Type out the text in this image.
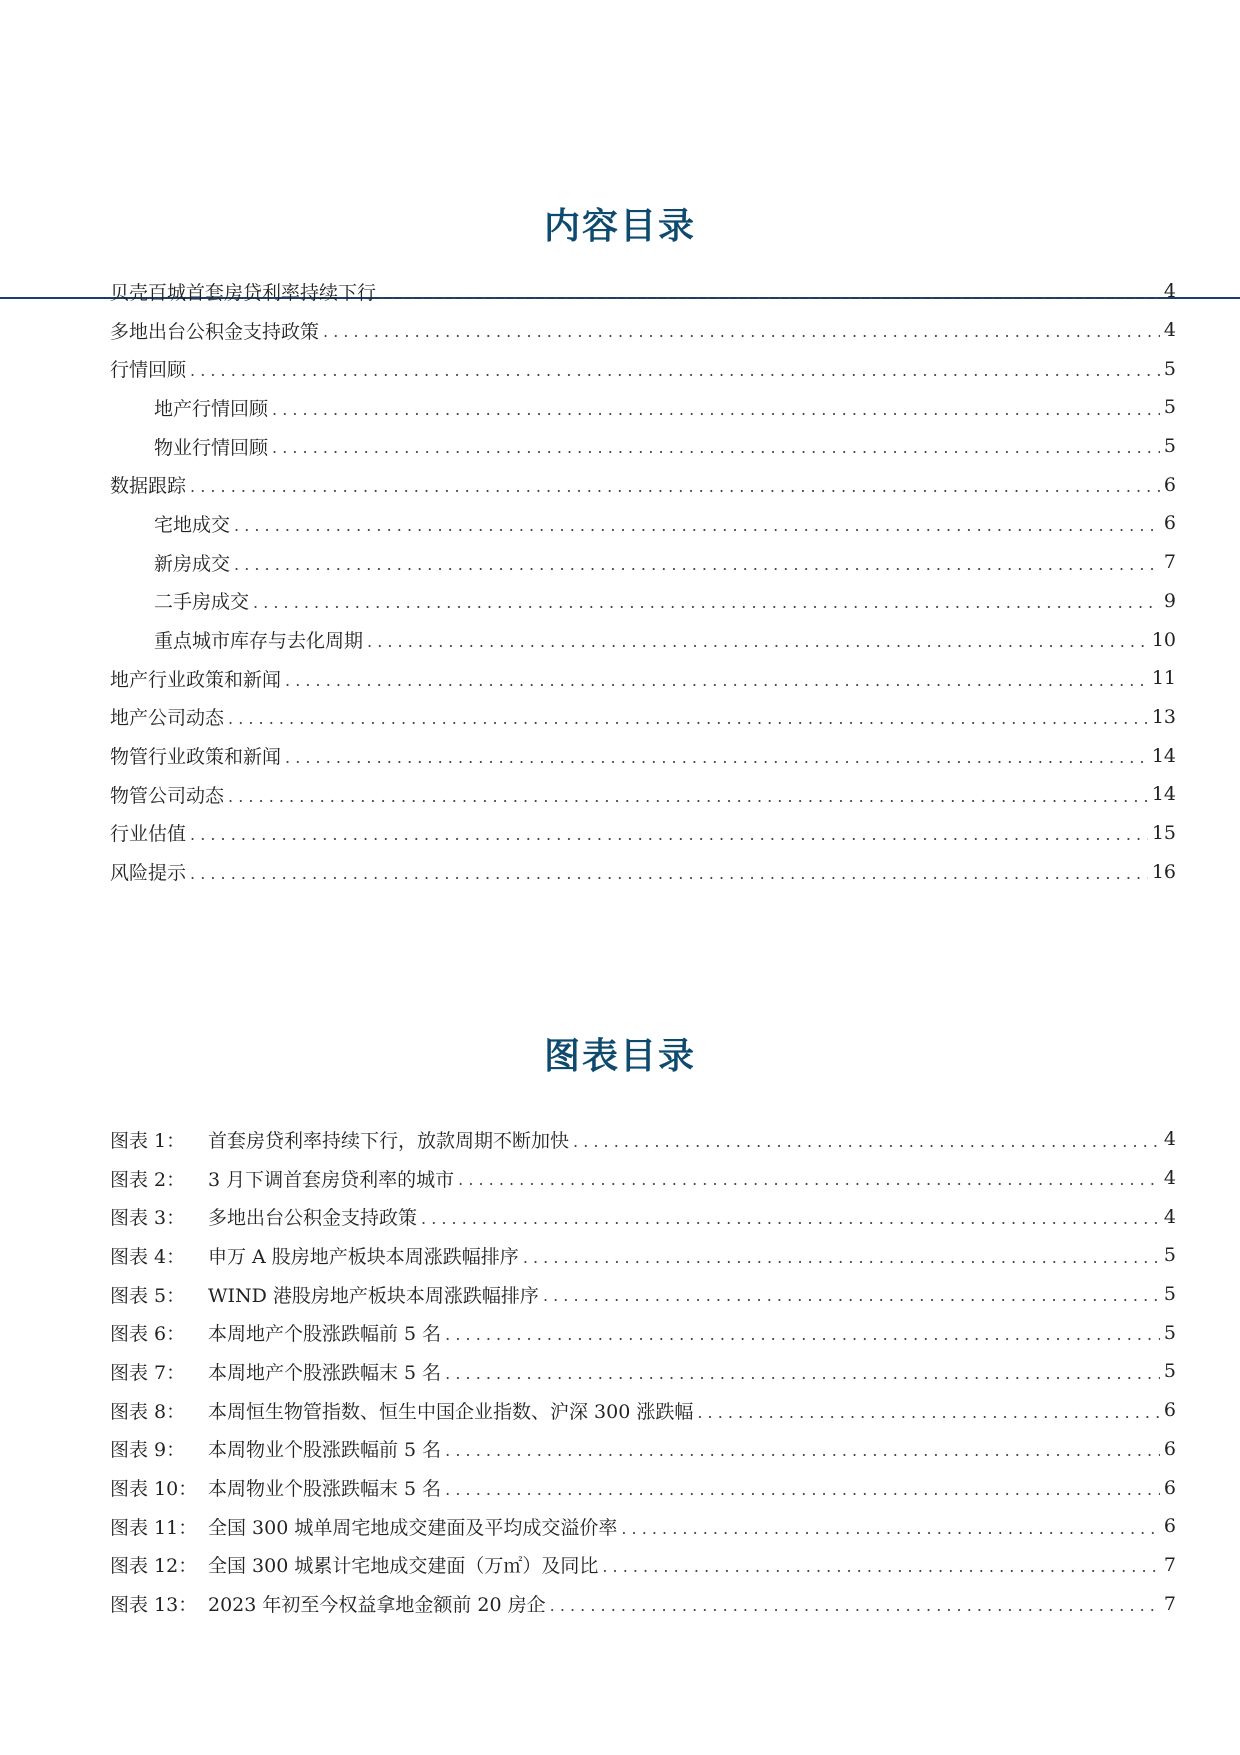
内容目录
贝壳百城首套房贷利率持续下行 . . .	4
多地出台公积金支持政策 . . .	4
行情回顾 . . .	5
地产行情回顾 . . .	5
物业行情回顾 . . .	5
数据跟踪 . . .	6
宅地成交 . . .	6
新房成交 . . .	7
二手房成交 . . .	9
重点城市库存与去化周期 . . .	10
地产行业政策和新闻 . . .	11
地产公司动态 . . .	13
物管行业政策和新闻 . . .	14
物管公司动态 . . .	14
行业估值 . . .	15
风险提示 . . .	16
图表目录
图表 1： 首套房贷利率持续下行，放款周期不断加快 . . .	4
图表 2： 3 月下调首套房贷利率的城市 . . .	4
图表 3： 多地出台公积金支持政策 . . .	4
图表 4： 申万 A 股房地产板块本周涨跌幅排序 . . .	5
图表 5： WIND 港股房地产板块本周涨跌幅排序 . . .	5
图表 6： 本周地产个股涨跌幅前 5 名 . . .	5
图表 7： 本周地产个股涨跌幅末 5 名 . . .	5
图表 8： 本周恒生物管指数、恒生中国企业指数、沪深 300 涨跌幅 . . .	6
图表 9： 本周物业个股涨跌幅前 5 名 . . .	6
图表 10： 本周物业个股涨跌幅末 5 名 . . .	6
图表 11： 全国 300 城单周宅地成交建面及平均成交溢价率 . . .	6
图表 12： 全国 300 城累计宅地成交建面（万㎡）及同比 . . .	7
图表 13： 2023 年初至今权益拿地金额前 20 房企 . . .	7
